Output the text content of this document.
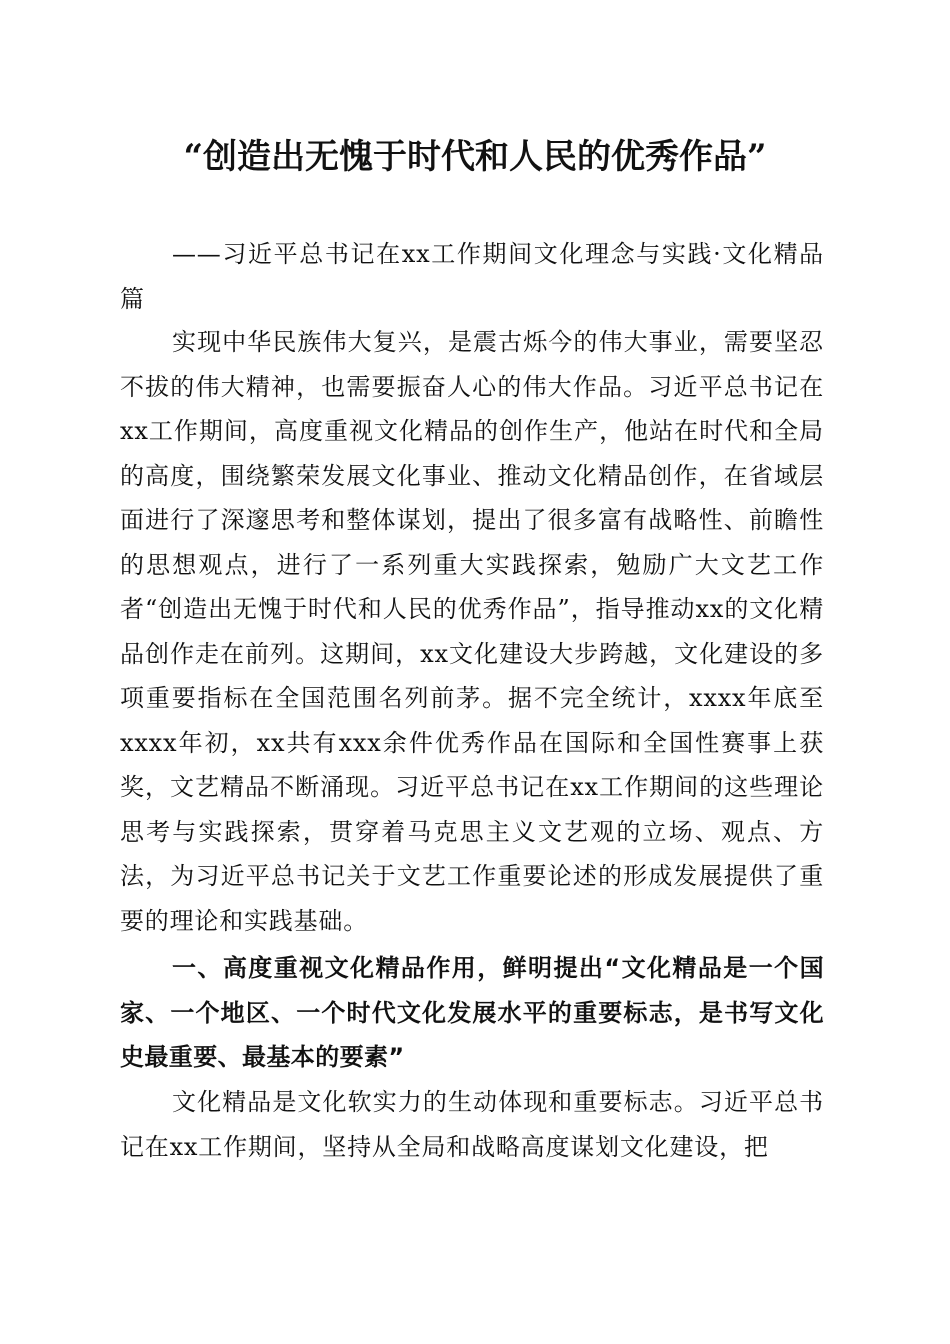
“创造出无愧于时代和人民的优秀作品”

——习近平总书记在xx工作期间文化理念与实践·文化精品篇

实现中华民族伟大复兴，是震古烁今的伟大事业，需要坚忍不拔的伟大精神，也需要振奋人心的伟大作品。习近平总书记在xx工作期间，高度重视文化精品的创作生产，他站在时代和全局的高度，围绕繁荣发展文化事业、推动文化精品创作，在省域层面进行了深邃思考和整体谋划，提出了很多富有战略性、前瞻性的思想观点，进行了一系列重大实践探索，勉励广大文艺工作者“创造出无愧于时代和人民的优秀作品”，指导推动xx的文化精品创作走在前列。这期间，xx文化建设大步跨越，文化建设的多项重要指标在全国范围名列前茅。据不完全统计，xxxx年底至xxxx年初，xx共有xxx余件优秀作品在国际和全国性赛事上获奖，文艺精品不断涌现。习近平总书记在xx工作期间的这些理论思考与实践探索，贯穿着马克思主义文艺观的立场、观点、方法，为习近平总书记关于文艺工作重要论述的形成发展提供了重要的理论和实践基础。

一、高度重视文化精品作用，鲜明提出“文化精品是一个国家、一个地区、一个时代文化发展水平的重要标志，是书写文化史最重要、最基本的要素”

文化精品是文化软实力的生动体现和重要标志。习近平总书记在xx工作期间，坚持从全局和战略高度谋划文化建设，把
